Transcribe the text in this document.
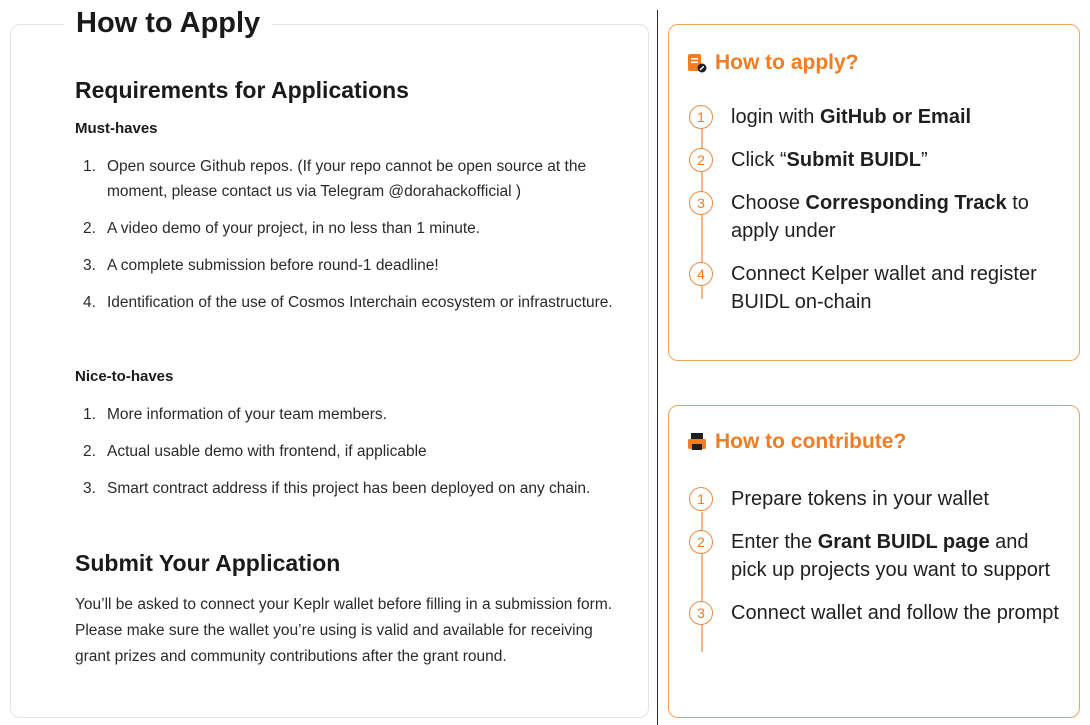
How to Apply
Requirements for Applications
Must-haves
1. Open source Github repos. (If your repo cannot be open source at the moment, please contact us via Telegram @dorahackofficial )
2. A video demo of your project, in no less than 1 minute.
3. A complete submission before round-1 deadline!
4. Identification of the use of Cosmos Interchain ecosystem or infrastructure.
Nice-to-haves
1. More information of your team members.
2. Actual usable demo with frontend, if applicable
3. Smart contract address if this project has been deployed on any chain.
Submit Your Application

You’ll be asked to connect your Keplr wallet before filling in a submission form. Please make sure the wallet you’re using is valid and available for receiving grant prizes and community contributions after the grant round.

How to apply?
1	login with GitHub or Email
2	Click “Submit BUIDL”
3	Choose Corresponding Track to apply under
4	Connect Kelper wallet and register BUIDL on-chain
How to contribute?
1	Prepare tokens in your wallet
2	Enter the Grant BUIDL page and pick up projects you want to support
3	Connect wallet and follow the prompt
